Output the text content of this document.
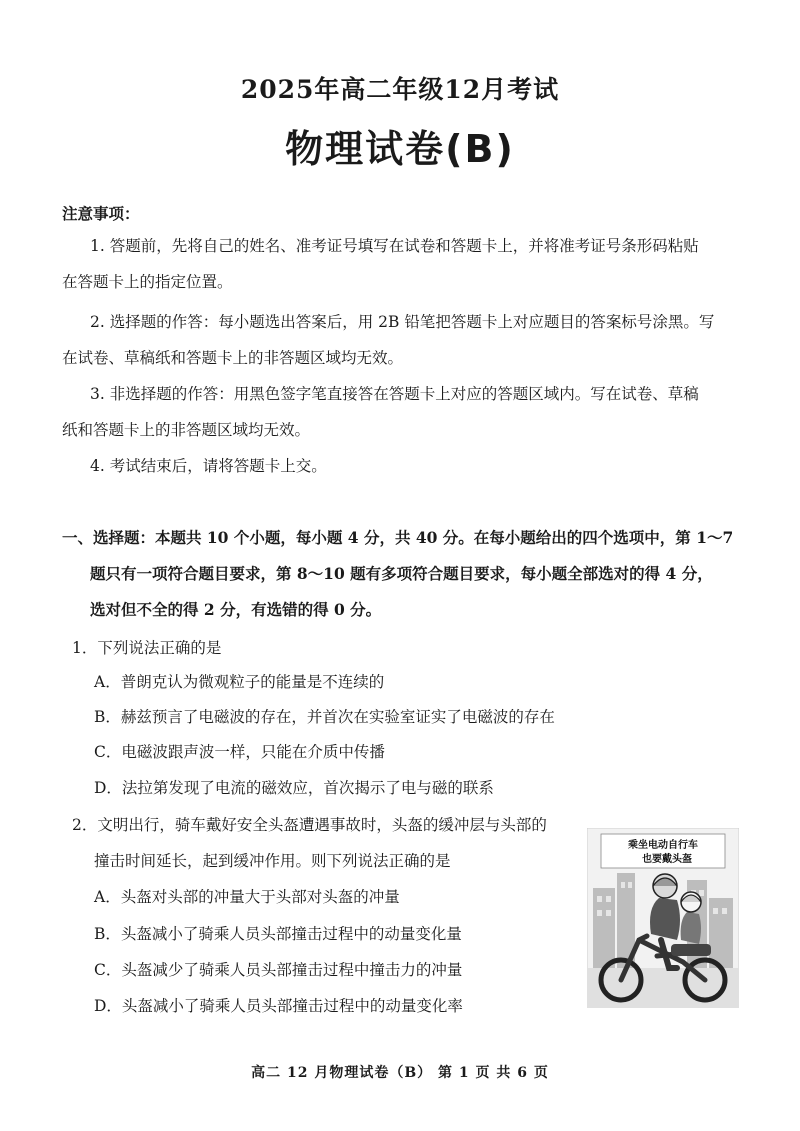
2025年高二年级12月考试
物理试卷(B)
注意事项：
1. 答题前，先将自己的姓名、准考证号填写在试卷和答题卡上，并将准考证号条形码粘贴
在答题卡上的指定位置。
2. 选择题的作答：每小题选出答案后，用 2B 铅笔把答题卡上对应题目的答案标号涂黑。写
在试卷、草稿纸和答题卡上的非答题区域均无效。
3. 非选择题的作答：用黑色签字笔直接答在答题卡上对应的答题区域内。写在试卷、草稿
纸和答题卡上的非答题区域均无效。
4. 考试结束后，请将答题卡上交。
一、选择题：本题共 10 个小题，每小题 4 分，共 40 分。在每小题给出的四个选项中，第 1～7
题只有一项符合题目要求，第 8～10 题有多项符合题目要求，每小题全部选对的得 4 分，
选对但不全的得 2 分，有选错的得 0 分。
1．下列说法正确的是
A．普朗克认为微观粒子的能量是不连续的
B．赫兹预言了电磁波的存在，并首次在实验室证实了电磁波的存在
C．电磁波跟声波一样，只能在介质中传播
D．法拉第发现了电流的磁效应，首次揭示了电与磁的联系
2．文明出行，骑车戴好安全头盔遭遇事故时，头盔的缓冲层与头部的
撞击时间延长，起到缓冲作用。则下列说法正确的是
A．头盔对头部的冲量大于头部对头盔的冲量
B．头盔减小了骑乘人员头部撞击过程中的动量变化量
C．头盔减少了骑乘人员头部撞击过程中撞击力的冲量
D．头盔减小了骑乘人员头部撞击过程中的动量变化率
乘坐电动自行车
也要戴头盔
高二 12 月物理试卷（B） 第 1 页 共 6 页
